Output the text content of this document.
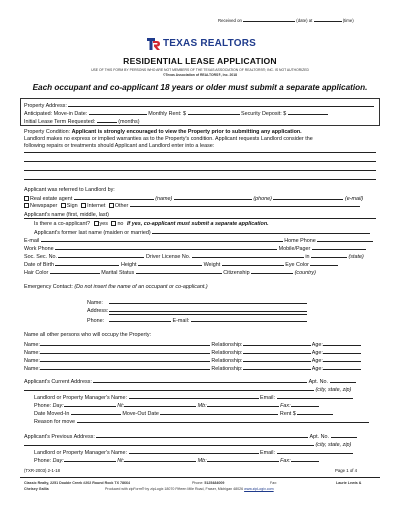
Received on	(date) at	(time)
TEXAS REALTORS
RESIDENTIAL LEASE APPLICATION
USE OF THIS FORM BY PERSONS WHO ARE NOT MEMBERS OF THE TEXAS ASSOCIATION OF REALTORS®, INC. IS NOT AUTHORIZED
©Texas Association of REALTORS®, Inc. 2018
Each occupant and co-applicant 18 years or older must submit a separate application.
Property Address:
Anticipated: Move-in Date:	Monthly Rent: $	Security Deposit: $
Initial Lease Term Requested:	(months)
Property Condition: Applicant is strongly encouraged to view the Property prior to submitting any application.
Landlord makes no express or implied warranties as to the Property's condition. Applicant requests Landlord consider the
following repairs or treatments should Applicant and Landlord enter into a lease:
Applicant was referred to Landlord by:
Real estate agent	(name)	(phone)	(e-mail)
Newspaper Sign Internet Other
Applicant's name (first, middle, last)
Is there a co-applicant? yes no If yes, co-applicant must submit a separate application.
Applicant's former last name (maiden or married)
E-mail	Home Phone
Work Phone	Mobile/Pager
Soc. Sec. No.	Driver License No.	in	(state)
Date of Birth	Height	Weight	Eye Color
Hair Color	Marital Status	Citizenship	(country)
Emergency Contact: (Do not insert the name of an occupant or co-applicant.)
Name:
Address:
Phone:	E-mail:
Name all other persons who will occupy the Property:
Name:	Relationship:	Age:
Name:	Relationship:	Age:
Name:	Relationship:	Age:
Name:	Relationship:	Age:
Applicant's Current Address:	Apt. No.
(city, state, zip)
Landlord or Property Manager's Name:	Email:
Phone: Day:	Nt:	Mb:	Fax:
Date Moved-In	Move-Out Date	Rent $
Reason for move
Applicant's Previous Address:	Apt. No.
(city, state, zip)
Landlord or Property Manager's Name:	Email:
Phone: Day:	Nt:	Mb:	Fax:
(TXR-2003) 2-1-18	Page 1 of 4
Classic Realty, 2251 Double Creek #202 Round Rock TX 78664	Phone: 5125484009	Fax:	Laurie Lewis &
Chelsey Gallia	Produced with zipForm® by zipLogix 18070 Fifteen Mile Road, Fraser, Michigan 48026 www.zipLogix.com
